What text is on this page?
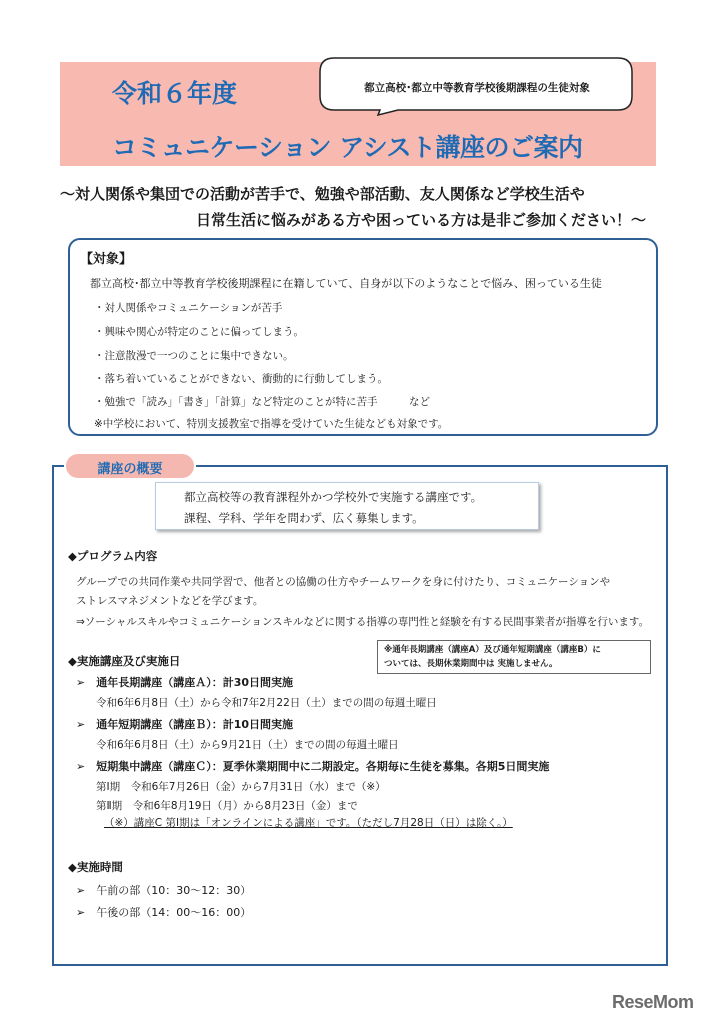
令和６年度
コミュニケーション アシスト講座のご案内
都立高校･都立中等教育学校後期課程の生徒対象
～対人関係や集団での活動が苦手で、勉強や部活動、友人関係など学校生活や
日常生活に悩みがある方や困っている方は是非ご参加ください！～
【対象】
都立高校･都立中等教育学校後期課程に在籍していて、自身が以下のようなことで悩み、困っている生徒
・対人関係やコミュニケーションが苦手
・興味や関心が特定のことに偏ってしまう。
・注意散漫で一つのことに集中できない。
・落ち着いていることができない、衝動的に行動してしまう。
・勉強で「読み」「書き」「計算」など特定のことが特に苦手　　　など
※中学校において、特別支援教室で指導を受けていた生徒なども対象です。
講座の概要
都立高校等の教育課程外かつ学校外で実施する講座です。
課程、学科、学年を問わず、広く募集します。
◆プログラム内容
グループでの共同作業や共同学習で、他者との協働の仕方やチームワークを身に付けたり、コミュニケーションや
ストレスマネジメントなどを学びます。
⇒ソーシャルスキルやコミュニケーションスキルなどに関する指導の専門性と経験を有する民間事業者が指導を行います。
※通年長期講座（講座A）及び通年短期講座（講座B）に
ついては、長期休業期間中は 実施しません。
◆実施講座及び実施日
➢　通年長期講座（講座Ａ）：計30日間実施
令和6年6月8日（土）から令和7年2月22日（土）までの間の毎週土曜日
➢　通年短期講座（講座Ｂ）：計10日間実施
令和6年6月8日（土）から9月21日（土）までの間の毎週土曜日
➢　短期集中講座（講座Ｃ）：夏季休業期間中に二期設定。各期毎に生徒を募集。各期5日間実施
第Ⅰ期　令和6年7月26日（金）から7月31日（水）まで（※）
第Ⅱ期　令和6年8月19日（月）から8月23日（金）まで
（※）講座C 第Ⅰ期は「オンラインによる講座」です。（ただし7月28日（日）は除く。）
◆実施時間
➢　午前の部（10：30～12：30）
➢　午後の部（14：00～16：00）
ReseMom
